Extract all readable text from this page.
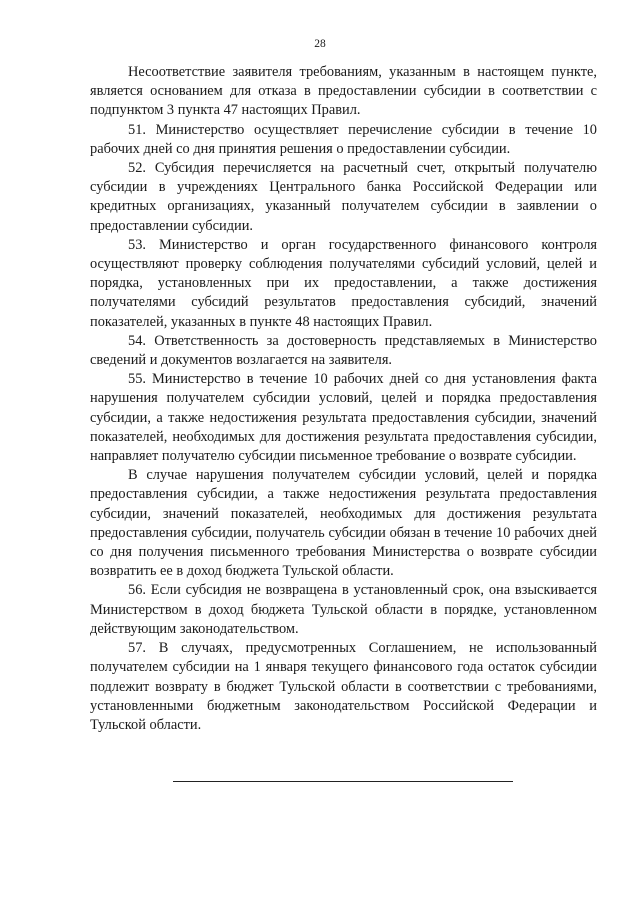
28

Несоответствие заявителя требованиям, указанным в настоящем пункте, является основанием для отказа в предоставлении субсидии в соответствии с подпунктом 3 пункта 47 настоящих Правил.

51. Министерство осуществляет перечисление субсидии в течение 10 рабочих дней со дня принятия решения о предоставлении субсидии.

52. Субсидия перечисляется на расчетный счет, открытый получателю субсидии в учреждениях Центрального банка Российской Федерации или кредитных организациях, указанный получателем субсидии в заявлении о предоставлении субсидии.

53. Министерство и орган государственного финансового контроля осуществляют проверку соблюдения получателями субсидий условий, целей и порядка, установленных при их предоставлении, а также достижения получателями субсидий результатов предоставления субсидий, значений показателей, указанных в пункте 48 настоящих Правил.

54. Ответственность за достоверность представляемых в Министерство сведений и документов возлагается на заявителя.

55. Министерство в течение 10 рабочих дней со дня установления факта нарушения получателем субсидии условий, целей и порядка предоставления субсидии, а также недостижения результата предоставления субсидии, значений показателей, необходимых для достижения результата предоставления субсидии, направляет получателю субсидии письменное требование о возврате субсидии.

В случае нарушения получателем субсидии условий, целей и порядка предоставления субсидии, а также недостижения результата предоставления субсидии, значений показателей, необходимых для достижения результата предоставления субсидии, получатель субсидии обязан в течение 10 рабочих дней со дня получения письменного требования Министерства о возврате субсидии возвратить ее в доход бюджета Тульской области.

56. Если субсидия не возвращена в установленный срок, она взыскивается Министерством в доход бюджета Тульской области в порядке, установленном действующим законодательством.

57. В случаях, предусмотренных Соглашением, не использованный получателем субсидии на 1 января текущего финансового года остаток субсидии подлежит возврату в бюджет Тульской области в соответствии с требованиями, установленными бюджетным законодательством Российской Федерации и Тульской области.
